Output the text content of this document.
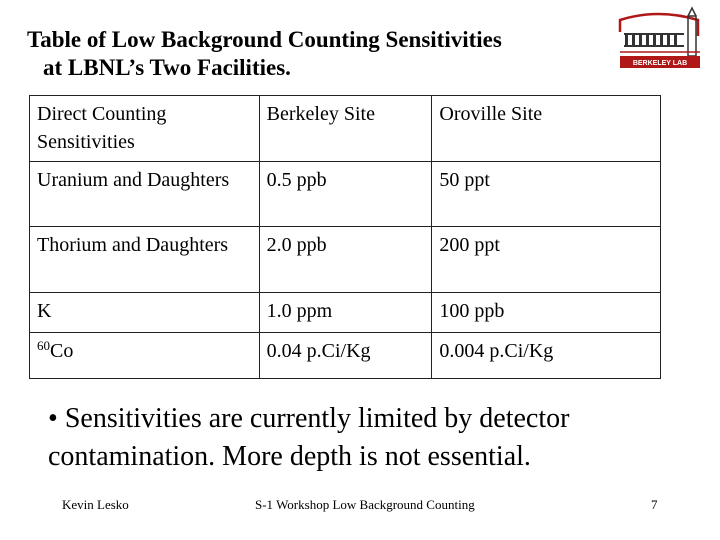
Table of Low Background Counting Sensitivities
at LBNL’s Two Facilities.	BERKELEY LAB
Direct Counting Sensitivities	Berkeley Site	Oroville Site
Uranium and Daughters	0.5 ppb	50 ppt
Thorium and Daughters	2.0 ppb	200 ppt
K	1.0 ppm	100 ppb
$^{60}$Co	0.04 p.Ci/Kg	0.004 p.Ci/Kg
• Sensitivities are currently limited by detector contamination. More depth is not essential.
Kevin Lesko	S-1 Workshop Low Background Counting	7
